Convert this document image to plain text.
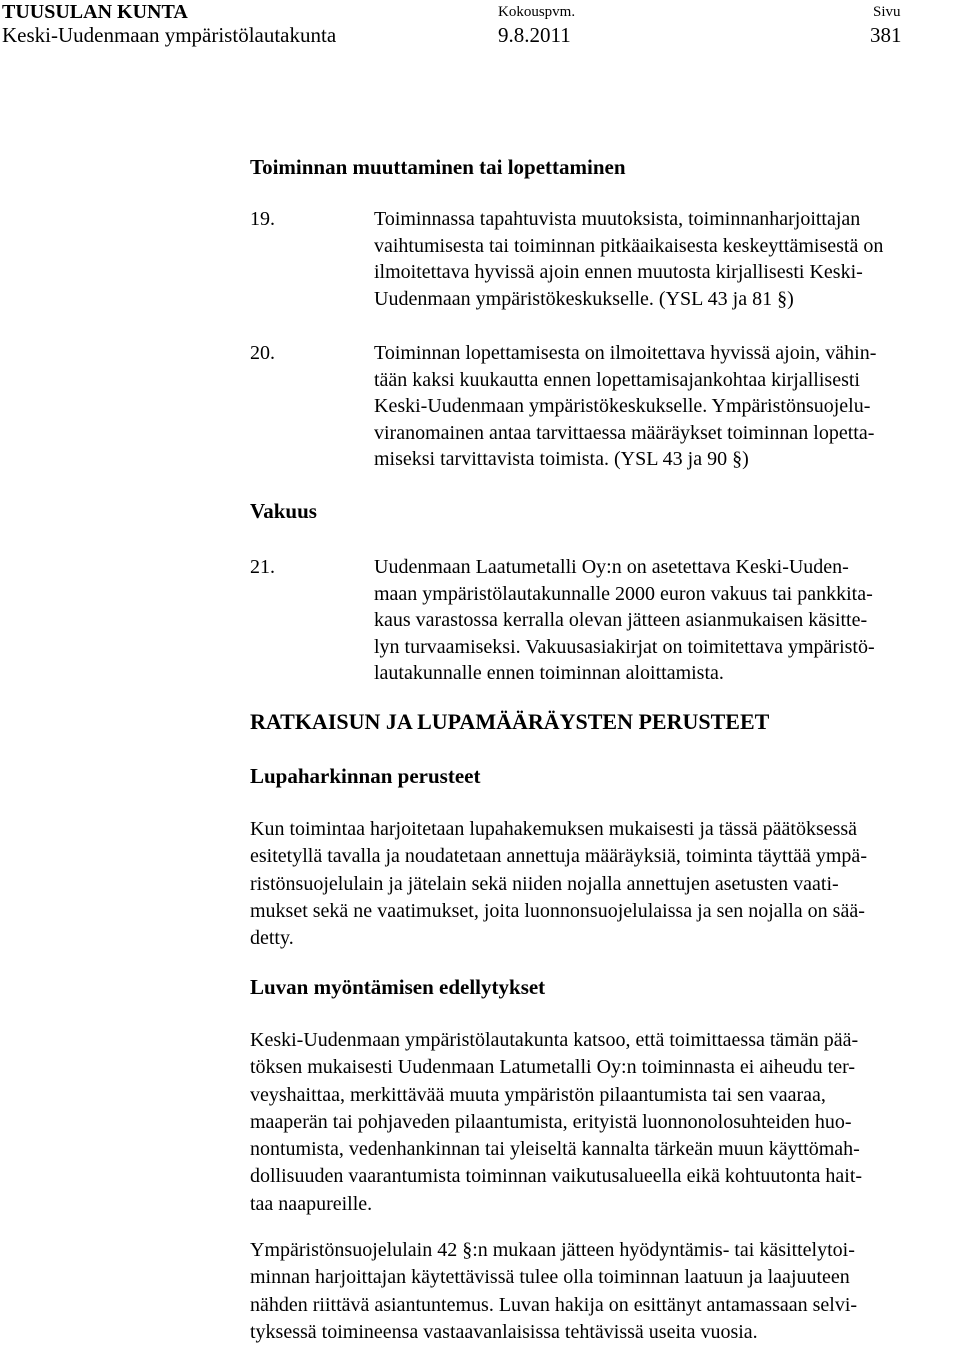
TUUSULAN KUNTA
Keski-Uudenmaan ympäristölautakunta
Kokouspvm.
9.8.2011
Sivu
381
Toiminnan muuttaminen tai lopettaminen
19.	Toiminnassa tapahtuvista muutoksista, toiminnanharjoittajan
vaihtumisesta tai toiminnan pitkäaikaisesta keskeyttämisestä on
ilmoitettava hyvissä ajoin ennen muutosta kirjallisesti Keski-
Uudenmaan ympäristökeskukselle. (YSL 43 ja 81 §)
20.	Toiminnan lopettamisesta on ilmoitettava hyvissä ajoin, vähin-
tään kaksi kuukautta ennen lopettamisajankohtaa kirjallisesti
Keski-Uudenmaan ympäristökeskukselle. Ympäristönsuojelu-
viranomainen antaa tarvittaessa määräykset toiminnan lopetta-
miseksi tarvittavista toimista. (YSL 43 ja 90 §)
Vakuus
21.	Uudenmaan Laatumetalli Oy:n on asetettava Keski-Uuden-
maan ympäristölautakunnalle 2000 euron vakuus tai pankkita-
kaus varastossa kerralla olevan jätteen asianmukaisen käsitte-
lyn turvaamiseksi. Vakuusasiakirjat on toimitettava ympäristö-
lautakunnalle ennen toiminnan aloittamista.
RATKAISUN JA LUPAMÄÄRÄYSTEN PERUSTEET
Lupaharkinnan perusteet
Kun toimintaa harjoitetaan lupahakemuksen mukaisesti ja tässä päätöksessä
esitetyllä tavalla ja noudatetaan annettuja määräyksiä, toiminta täyttää ympä-
ristönsuojelulain ja jätelain sekä niiden nojalla annettujen asetusten vaati-
mukset sekä ne vaatimukset, joita luonnonsuojelulaissa ja sen nojalla on sää-
detty.
Luvan myöntämisen edellytykset
Keski-Uudenmaan ympäristölautakunta katsoo, että toimittaessa tämän pää-
töksen mukaisesti Uudenmaan Latumetalli Oy:n toiminnasta ei aiheudu ter-
veyshaittaa, merkittävää muuta ympäristön pilaantumista tai sen vaaraa,
maaperän tai pohjaveden pilaantumista, erityistä luonnonolosuhteiden huo-
nontumista, vedenhankinnan tai yleiseltä kannalta tärkeän muun käyttömah-
dollisuuden vaarantumista toiminnan vaikutusalueella eikä kohtuutonta hait-
taa naapureille.
Ympäristönsuojelulain 42 §:n mukaan jätteen hyödyntämis- tai käsittelytoi-
minnan harjoittajan käytettävissä tulee olla toiminnan laatuun ja laajuuteen
nähden riittävä asiantuntemus. Luvan hakija on esittänyt antamassaan selvi-
tyksessä toimineensa vastaavanlaisissa tehtävissä useita vuosia.
